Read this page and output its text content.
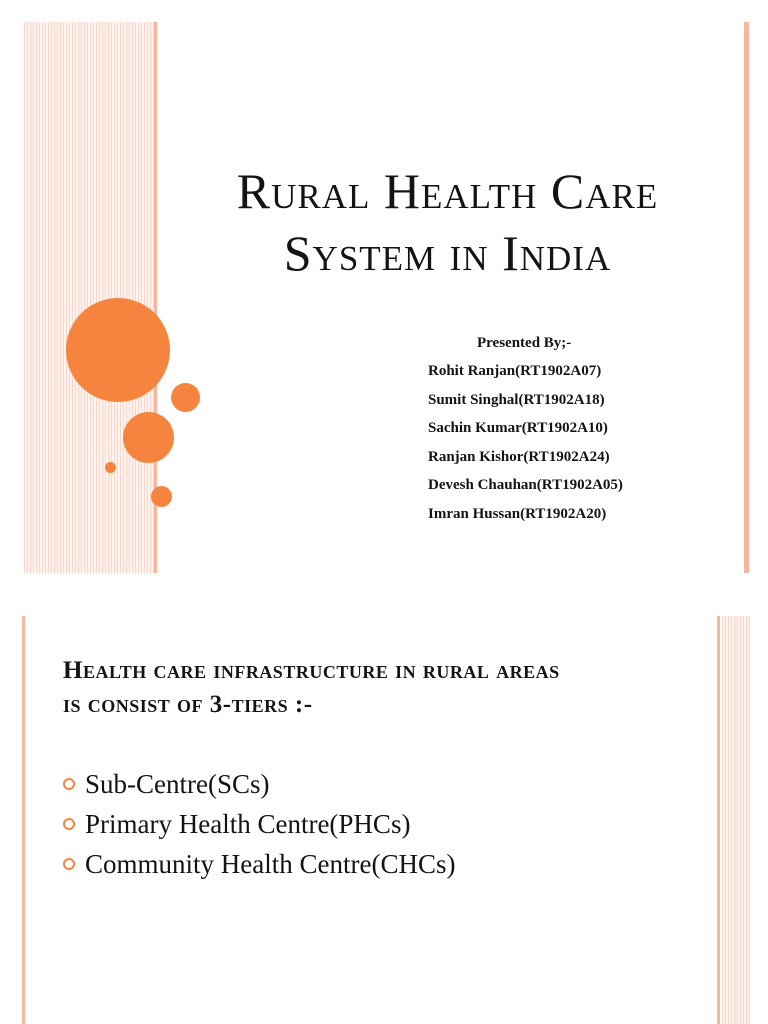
Rural Health Care
System in India
Presented By;-
Rohit Ranjan(RT1902A07)
Sumit Singhal(RT1902A18)
Sachin Kumar(RT1902A10)
Ranjan Kishor(RT1902A24)
Devesh Chauhan(RT1902A05)
Imran Hussan(RT1902A20)
Health care infrastructure in rural areas
is consist of 3-tiers :-
Sub-Centre(SCs)
Primary Health Centre(PHCs)
Community Health Centre(CHCs)
